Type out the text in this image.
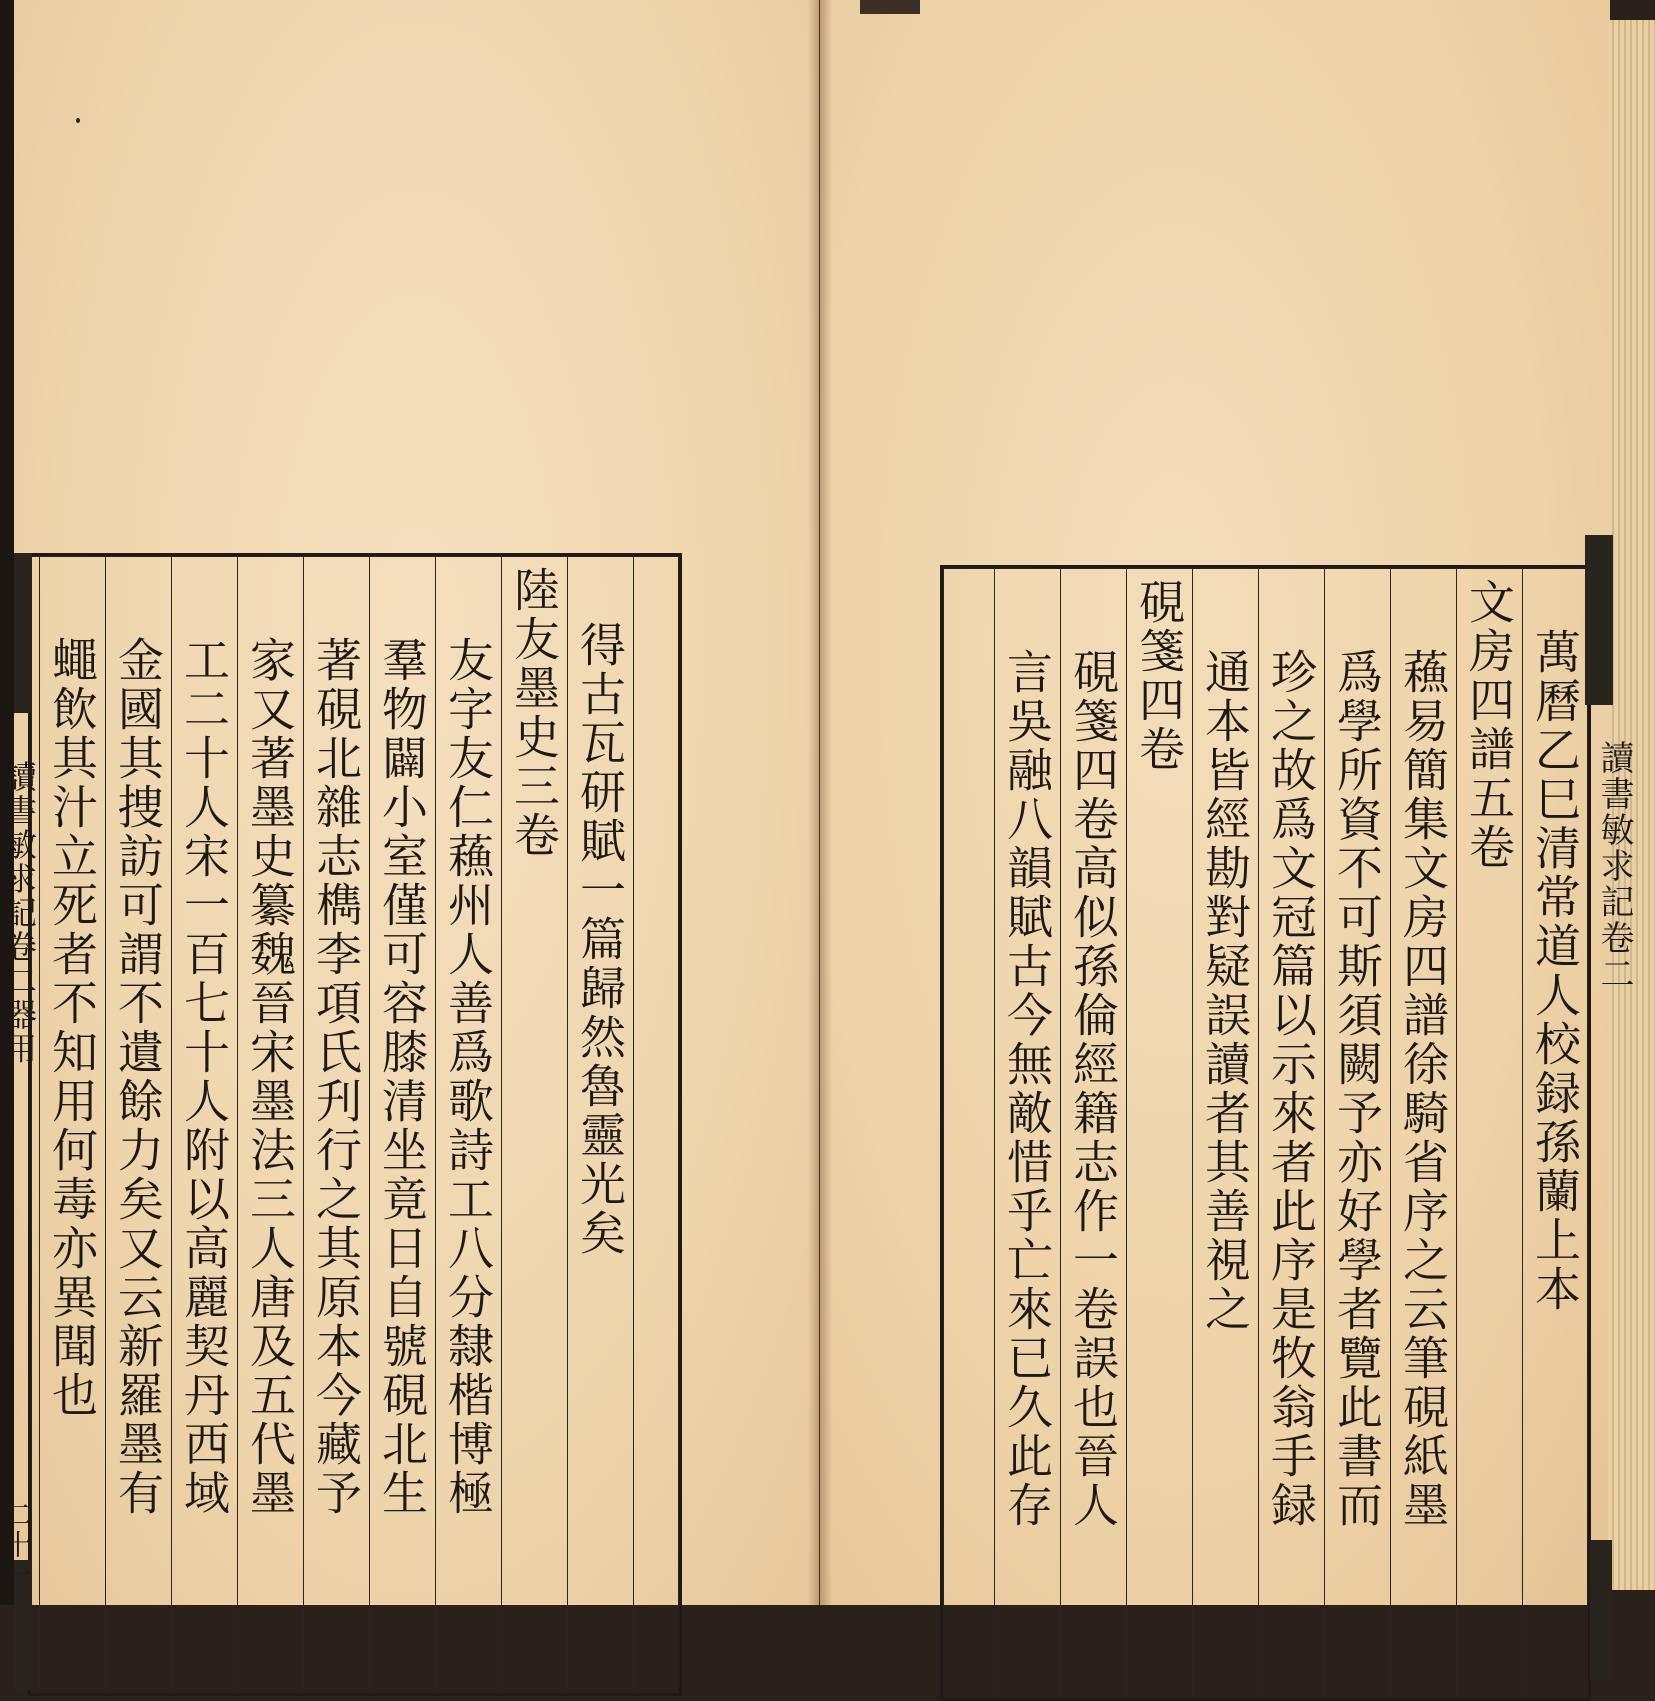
得古瓦研賦一篇歸然魯靈光矣
陸友墨史三卷
友字友仁蘓州人善爲歌詩工八分隸楷博極
羣物闢小室僅可容膝清坐竟日自號硯北生
著硯北雜志檇李項氏刋行之其原本今藏予
家又著墨史纂魏晉宋墨法三人唐及五代墨
工二十人宋一百七十人附以高麗契丹西域
金國其捜訪可謂不遺餘力矣又云新羅墨有
蠅飲其汁立死者不知用何毒亦異聞也
讀書敏求記卷二器用
二十一
萬曆乙巳清常道人校録孫蘭上本
文房四譜五卷
蘓易簡集文房四譜徐騎省序之云筆硯紙墨
爲學所資不可斯須闕予亦好學者覽此書而
珍之故爲文冠篇以示來者此序是牧翁手録
通本皆經勘對疑誤讀者其善視之
硯箋四卷
硯箋四卷高似孫倫經籍志作一卷誤也晉人
言吳融八韻賦古今無敵惜乎亡來已久此存	讀書敏求記卷二
